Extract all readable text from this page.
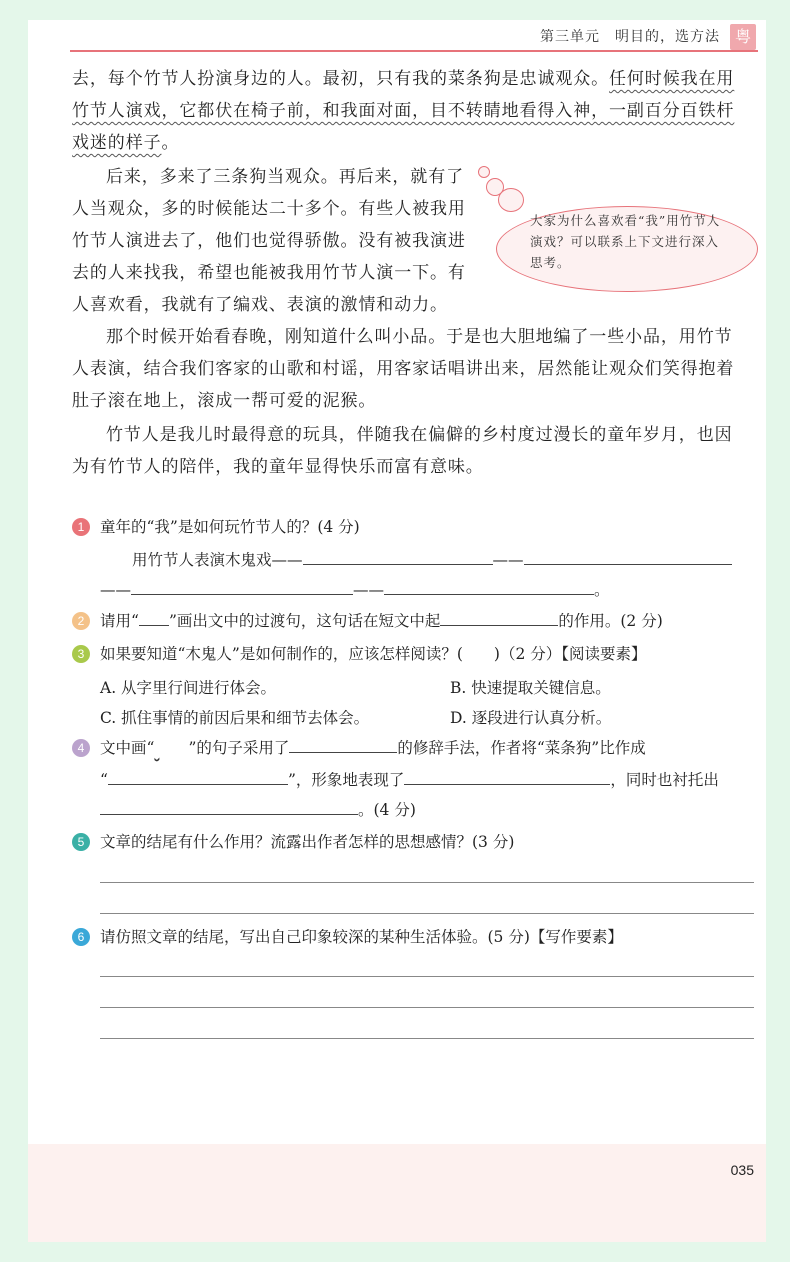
第三单元　明目的，选方法 粤
去，每个竹节人扮演身边的人。最初，只有我的菜条狗是忠诚观众。任何时候我在用
竹节人演戏，它都伏在椅子前，和我面对面，目不转睛地看得入神，一副百分百铁杆
戏迷的样子。
后来，多来了三条狗当观众。再后来，就有了
人当观众，多的时候能达二十多个。有些人被我用
竹节人演进去了，他们也觉得骄傲。没有被我演进
去的人来找我，希望也能被我用竹节人演一下。有
人喜欢看，我就有了编戏、表演的激情和动力。
大家为什么喜欢看“我”用竹节人演戏？可以联系上下文进行深入思考。
那个时候开始看春晚，刚知道什么叫小品。于是也大胆地编了一些小品，用竹节
人表演，结合我们客家的山歌和村谣，用客家话唱讲出来，居然能让观众们笑得抱着
肚子滚在地上，滚成一帮可爱的泥猴。
竹节人是我儿时最得意的玩具，伴随我在偏僻的乡村度过漫长的童年岁月，也因
为有竹节人的陪伴，我的童年显得快乐而富有意味。
1	童年的“我”是如何玩竹节人的？(4 分)
用竹节人表演木鬼戏——	——
——	——	。
2	请用“ ”画出文中的过渡句，这句话在短文中起	的作用。(2 分)
3	如果要知道“木鬼人”是如何制作的，应该怎样阅读？(　　)（2 分）【阅读要素】
A. 从字里行间进行体会。	B. 快速提取关键信息。
C. 抓住事情的前因后果和细节去体会。	D. 逐段进行认真分析。
4	文中画“ ”的句子采用了	的修辞手法，作者将“菜条狗”比作成
“	”，形象地表现了	，同时也衬托出
。(4 分)
5	文章的结尾有什么作用？流露出作者怎样的思想感情？(3 分)
6	请仿照文章的结尾，写出自己印象较深的某种生活体验。(5 分)【写作要素】
035
